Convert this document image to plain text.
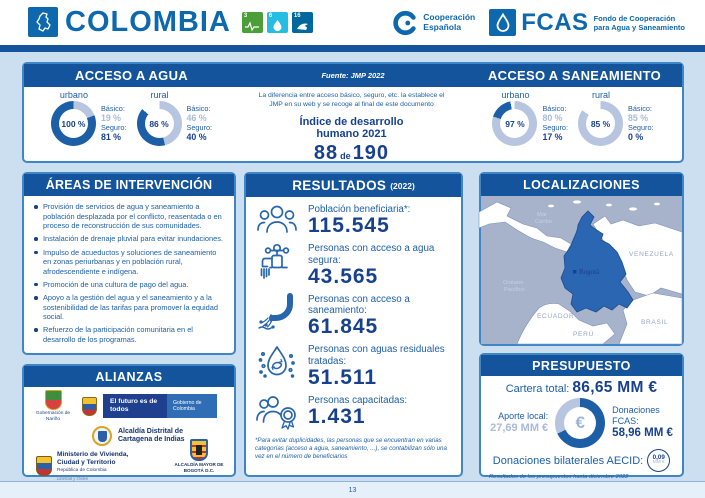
COLOMBIA 3	6	16	Cooperación
Española	FCAS Fondo de Cooperación
para Agua y Saneamiento
ACCESO A AGUA	Fuente: JMP 2022	ACCESO A SANEAMIENTO
urbano
100 %
Básico:
19 %
Seguro:
81 %
rural
86 %
Básico:
46 %
Seguro:
40 %
La diferencia entre acceso básico, seguro, etc. la establece el JMP en su web y se recoge al final de este documento
Índice de desarrollo
humano 2021
88 de 190
urbano
97 %
Básico:
80 %
Seguro:
17 %
rural
85 %
Básico:
85 %
Seguro:
0 %
ÁREAS DE INTERVENCIÓN
Provisión de servicios de agua y saneamiento a población desplazada por el conflicto, reasentada o en proceso de reconstrucción de sus comunidades.
Instalación de drenaje pluvial para evitar inundaciones.
Impulso de acueductos y soluciones de saneamiento en zonas periurbanas y en población rural, afrodescendiente e indígena.
Promoción de una cultura de pago del agua.
Apoyo a la gestión del agua y el saneamiento y a la sostenibilidad de las tarifas para promover la equidad social.
Refuerzo de la participación comunitaria en el desarrollo de los programas.
RESULTADOS (2022)
Población beneficiaria*:
115.545
Personas con acceso a agua segura:
43.565
Personas con acceso a saneamiento:
61.845
Personas con aguas residuales tratadas:
51.511
Personas capacitadas:
1.431
*Para evitar duplicidades, las personas que se encuentran en varias categorías (acceso a agua, saneamiento, ...), se contabilizan sólo una vez en el número de beneficiarios
LOCALIZACIONES
Bogotá
Mar
Caribe
Océano
Pacífico
VENEZUELA
ECUADOR
PERÚ
BRASIL
ALIANZAS
Gobernación de Nariño
El futuro es de todos
Gobierno de Colombia
Alcaldía Distrital de Cartagena de Indias
Ministerio de Vivienda, Ciudad y Territorio
República de Colombia
Libertad y Orden
ALCALDÍA MAYOR DE BOGOTÁ D.C.
PRESUPUESTO
Cartera total: 86,65 MM €
Aporte local:
27,69 MM € €
Donaciones
FCAS:
58,96 MM €
Donaciones bilaterales AECID: 0,09
MM €
Resultados de los presupuestos hasta diciembre 2022
13
